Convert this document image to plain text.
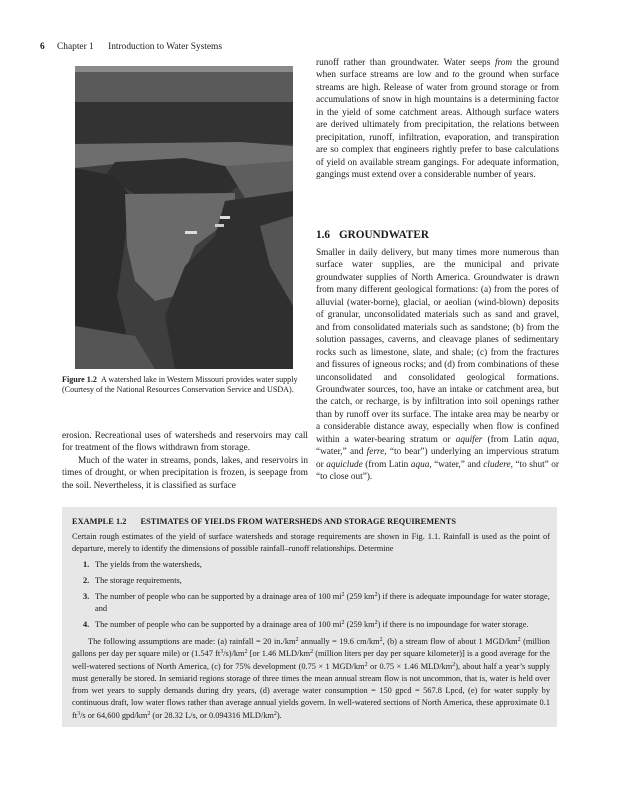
6 Chapter 1 Introduction to Water Systems
Figure 1.2 A watershed lake in Western Missouri provides water supply (Courtesy of the National Resources Conservation Service and USDA).

erosion. Recreational uses of watersheds and reservoirs may call for treatment of the flows withdrawn from storage.

Much of the water in streams, ponds, lakes, and reservoirs in times of drought, or when precipitation is frozen, is seepage from the soil. Nevertheless, it is classified as surface

runoff rather than groundwater. Water seeps from the ground when surface streams are low and to the ground when surface streams are high. Release of water from ground storage or from accumulations of snow in high mountains is a determining factor in the yield of some catchment areas. Although surface waters are derived ultimately from precipitation, the relations between precipitation, runoff, infiltration, evaporation, and transpiration are so complex that engineers rightly prefer to base calculations of yield on available stream gangings. For adequate information, gangings must extend over a considerable number of years.

1.6 GROUNDWATER

Smaller in daily delivery, but many times more numerous than surface water supplies, are the municipal and private groundwater supplies of North America. Groundwater is drawn from many different geological formations: (a) from the pores of alluvial (water-borne), glacial, or aeolian (wind-blown) deposits of granular, unconsolidated materials such as sand and gravel, and from consolidated materials such as sandstone; (b) from the solution passages, caverns, and cleavage planes of sedimentary rocks such as limestone, slate, and shale; (c) from the fractures and fissures of igneous rocks; and (d) from combinations of these unconsolidated and consolidated geological formations. Groundwater sources, too, have an intake or catchment area, but the catch, or recharge, is by infiltration into soil openings rather than by runoff over its surface. The intake area may be nearby or a considerable distance away, especially when flow is confined within a water-bearing stratum or aquifer (from Latin aqua, “water,” and ferre, “to bear”) underlying an impervious stratum or aquiclude (from Latin aqua, “water,” and cludere, “to shut” or “to close out”).

EXAMPLE 1.2 ESTIMATES OF YIELDS FROM WATERSHEDS AND STORAGE REQUIREMENTS
Certain rough estimates of the yield of surface watersheds and storage requirements are shown in Fig. 1.1. Rainfall is used as the point of departure, merely to identify the dimensions of possible rainfall–runoff relationships. Determine
1. The yields from the watersheds,
2. The storage requirements,
3. The number of people who can be supported by a drainage area of 100 $mi^2$ (259 $km^2$) if there is adequate impoundage for water storage, and
4. The number of people who can be supported by a drainage area of 100 $mi^2$ (259 $km^2$) if there is no impoundage for water storage.
The following assumptions are made: (a) rainfall = 20 $in./km^2$ annually = 19.6 $cm/km^2$, (b) a stream flow of about 1 MGD/$km^2$ (million gallons per day per square mile) or (1.547 $ft^3/s)/km^2$ [or 1.46 MLD/$km^2$ (million liters per day per square kilometer)] is a good average for the well-watered sections of North America, (c) for 75% development (0.75 × 1 MGD/$km^2$ or 0.75 × 1.46 MLD/$km^2$), about half a year’s supply must generally be stored. In semiarid regions storage of three times the mean annual stream flow is not uncommon, that is, water is held over from wet years to supply demands during dry years, (d) average water consumption = 150 gpcd = 567.8 Lpcd, (e) for water supply by continuous draft, low water flows rather than average annual yields govern. In well-watered sections of North America, these approximate 0.1 $ft^3/s$ or 64,600 gpd/$km^2$ (or 28.32 L/s, or 0.094316 MLD/$km^2$).
